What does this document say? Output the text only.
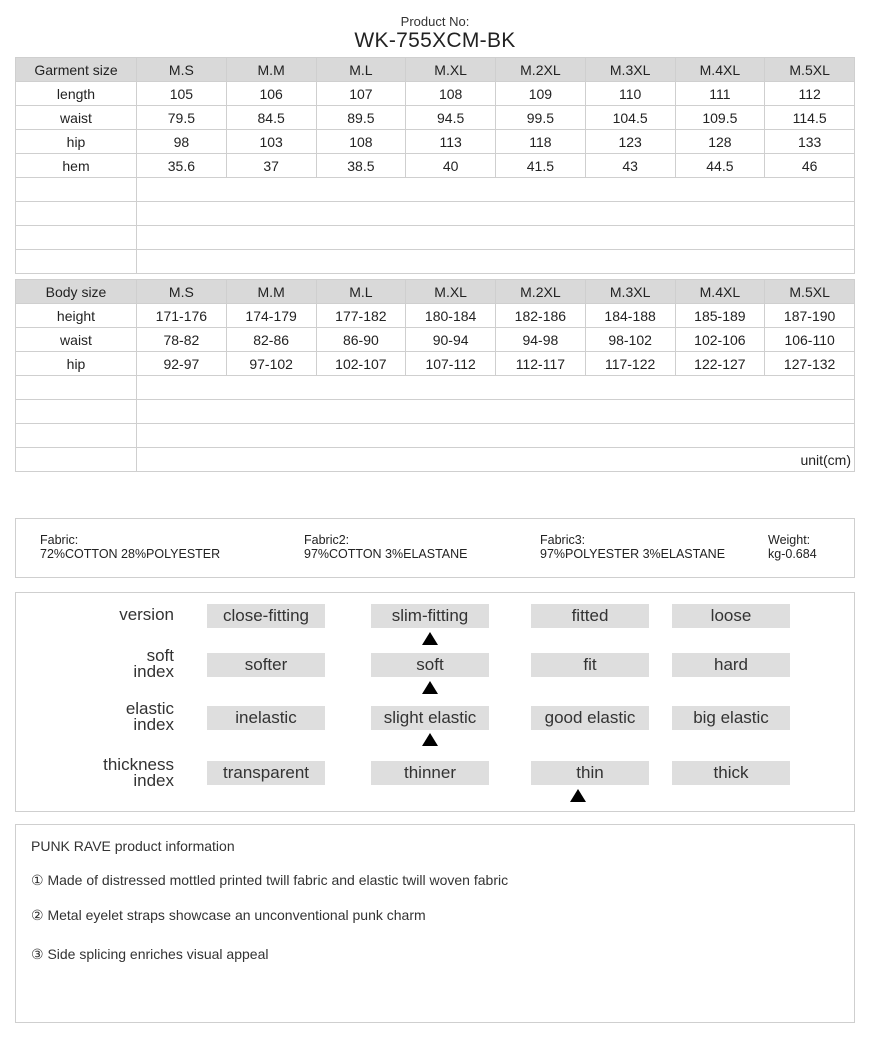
Product No:
WK-755XCM-BK
Garment size	M.S	M.M	M.L	M.XL	M.2XL	M.3XL	M.4XL	M.5XL
length	105	106	107	108	109	110	111	112
waist	79.5	84.5	89.5	94.5	99.5	104.5	109.5	114.5
hip	98	103	108	113	118	123	128	133
hem	35.6	37	38.5	40	41.5	43	44.5	46

Body size	M.S	M.M	M.L	M.XL	M.2XL	M.3XL	M.4XL	M.5XL
height	171-176	174-179	177-182	180-184	182-186	184-188	185-189	187-190
waist	78-82	82-86	86-90	90-94	94-98	98-102	102-106	106-110
hip	92-97	97-102	102-107	107-112	112-117	117-122	122-127	127-132

	unit(cm)							
Fabric:
72%COTTON 28%POLYESTER
Fabric2:
97%COTTON 3%ELASTANE
Fabric3:
97%POLYESTER 3%ELASTANE
Weight:
kg-0.684
version	close-fitting	slim-fitting	fitted	loose
soft
index	softer	soft	fit	hard
elastic
index	inelastic	slight elastic	good elastic	big elastic
thickness
index	transparent	thinner	thin	thick
PUNK RAVE product information
① Made of distressed mottled printed twill fabric and elastic twill woven fabric
② Metal eyelet straps showcase an unconventional punk charm
③ Side splicing enriches visual appeal
